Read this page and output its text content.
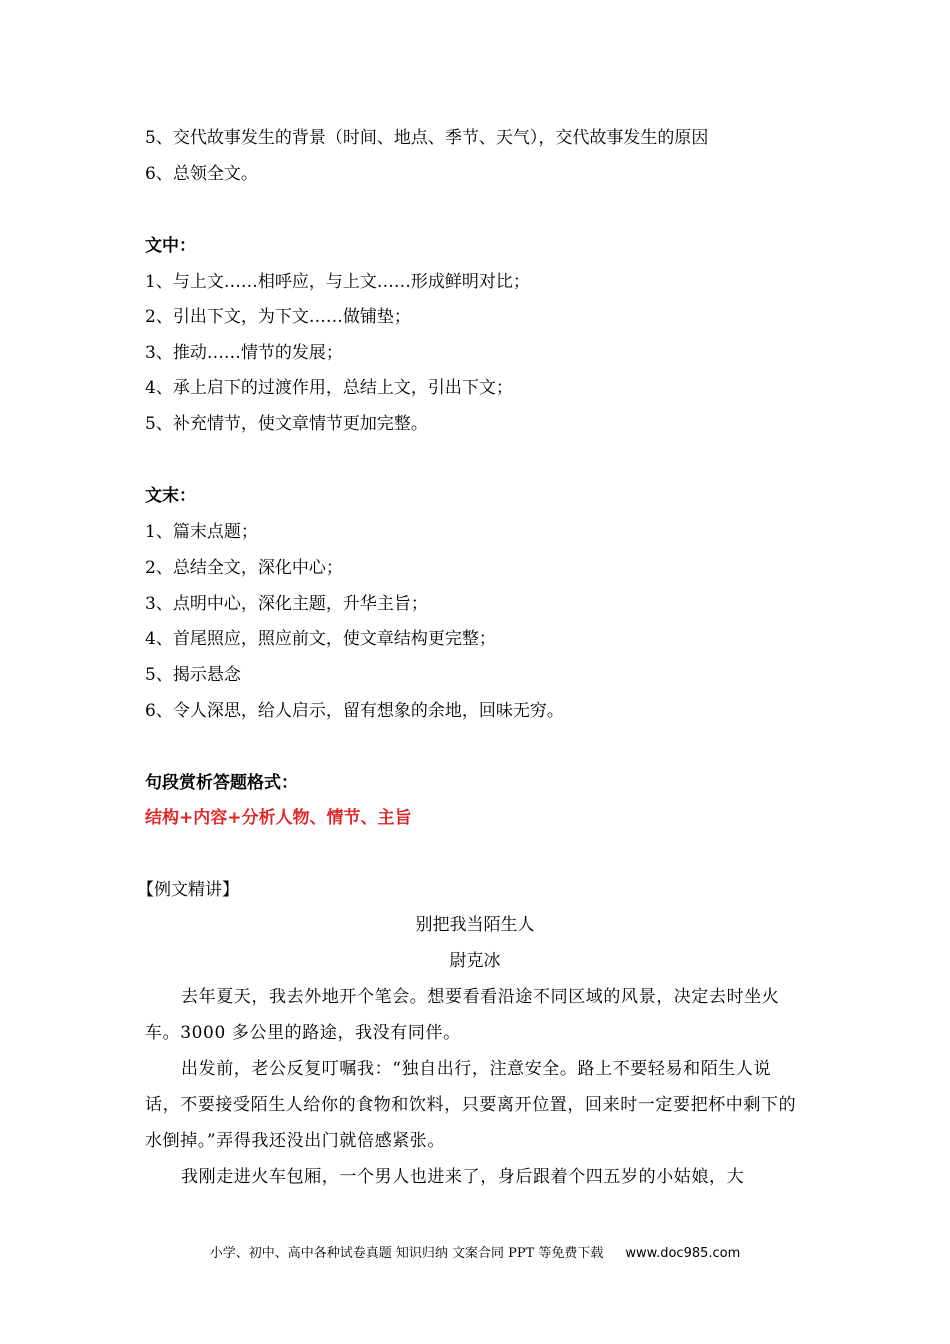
5、交代故事发生的背景（时间、地点、季节、天气），交代故事发生的原因
6、总领全文。
文中：
1、与上文……相呼应，与上文……形成鲜明对比；
2、引出下文，为下文……做铺垫；
3、推动……情节的发展；
4、承上启下的过渡作用，总结上文，引出下文；
5、补充情节，使文章情节更加完整。
文末：
1、篇末点题；
2、总结全文，深化中心；
3、点明中心，深化主题，升华主旨；
4、首尾照应，照应前文，使文章结构更完整；
5、揭示悬念
6、令人深思，给人启示，留有想象的余地，回味无穷。
句段赏析答题格式：
结构+内容+分析人物、情节、主旨
【例文精讲】
别把我当陌生人
尉克冰
去年夏天，我去外地开个笔会。想要看看沿途不同区域的风景，决定去时坐火车。3000 多公里的路途，我没有同伴。
出发前，老公反复叮嘱我：“独自出行，注意安全。路上不要轻易和陌生人说话，不要接受陌生人给你的食物和饮料，只要离开位置，回来时一定要把杯中剩下的水倒掉。”弄得我还没出门就倍感紧张。
我刚走进火车包厢，一个男人也进来了，身后跟着个四五岁的小姑娘，大
小学、初中、高中各种试卷真题 知识归纳 文案合同 PPT 等免费下载 www.doc985.com
